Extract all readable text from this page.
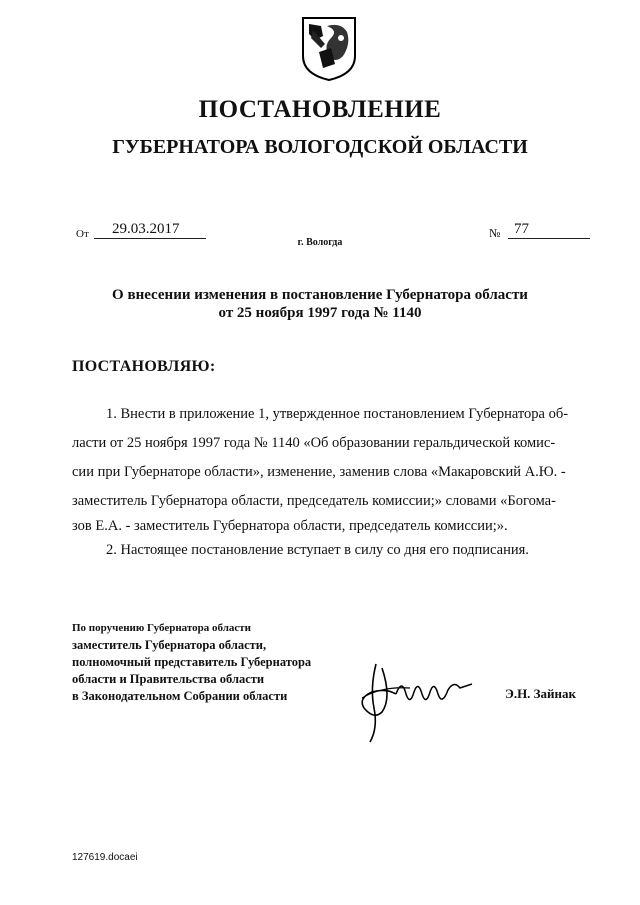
ПОСТАНОВЛЕНИЕ
ГУБЕРНАТОРА ВОЛОГОДСКОЙ ОБЛАСТИ
От	29.03.2017	№ 77
г. Вологда
О внесении изменения в постановление Губернатора области
от 25 ноября 1997 года № 1140
ПОСТАНОВЛЯЮ:
1. Внести в приложение 1, утвержденное постановлением Губернатора об-
ласти от 25 ноября 1997 года № 1140 «Об образовании геральдической комис-
сии при Губернаторе области», изменение, заменив слова «Макаровский А.Ю. -
заместитель Губернатора области, председатель комиссии;» словами «Богома-
зов Е.А. - заместитель Губернатора области, председатель комиссии;».
2. Настоящее постановление вступает в силу со дня его подписания.
По поручению Губернатора области
заместитель Губернатора области,
полномочный представитель Губернатора
области и Правительства области
в Законодательном Собрании области	Э.Н. Зайнак
127619.docaei
